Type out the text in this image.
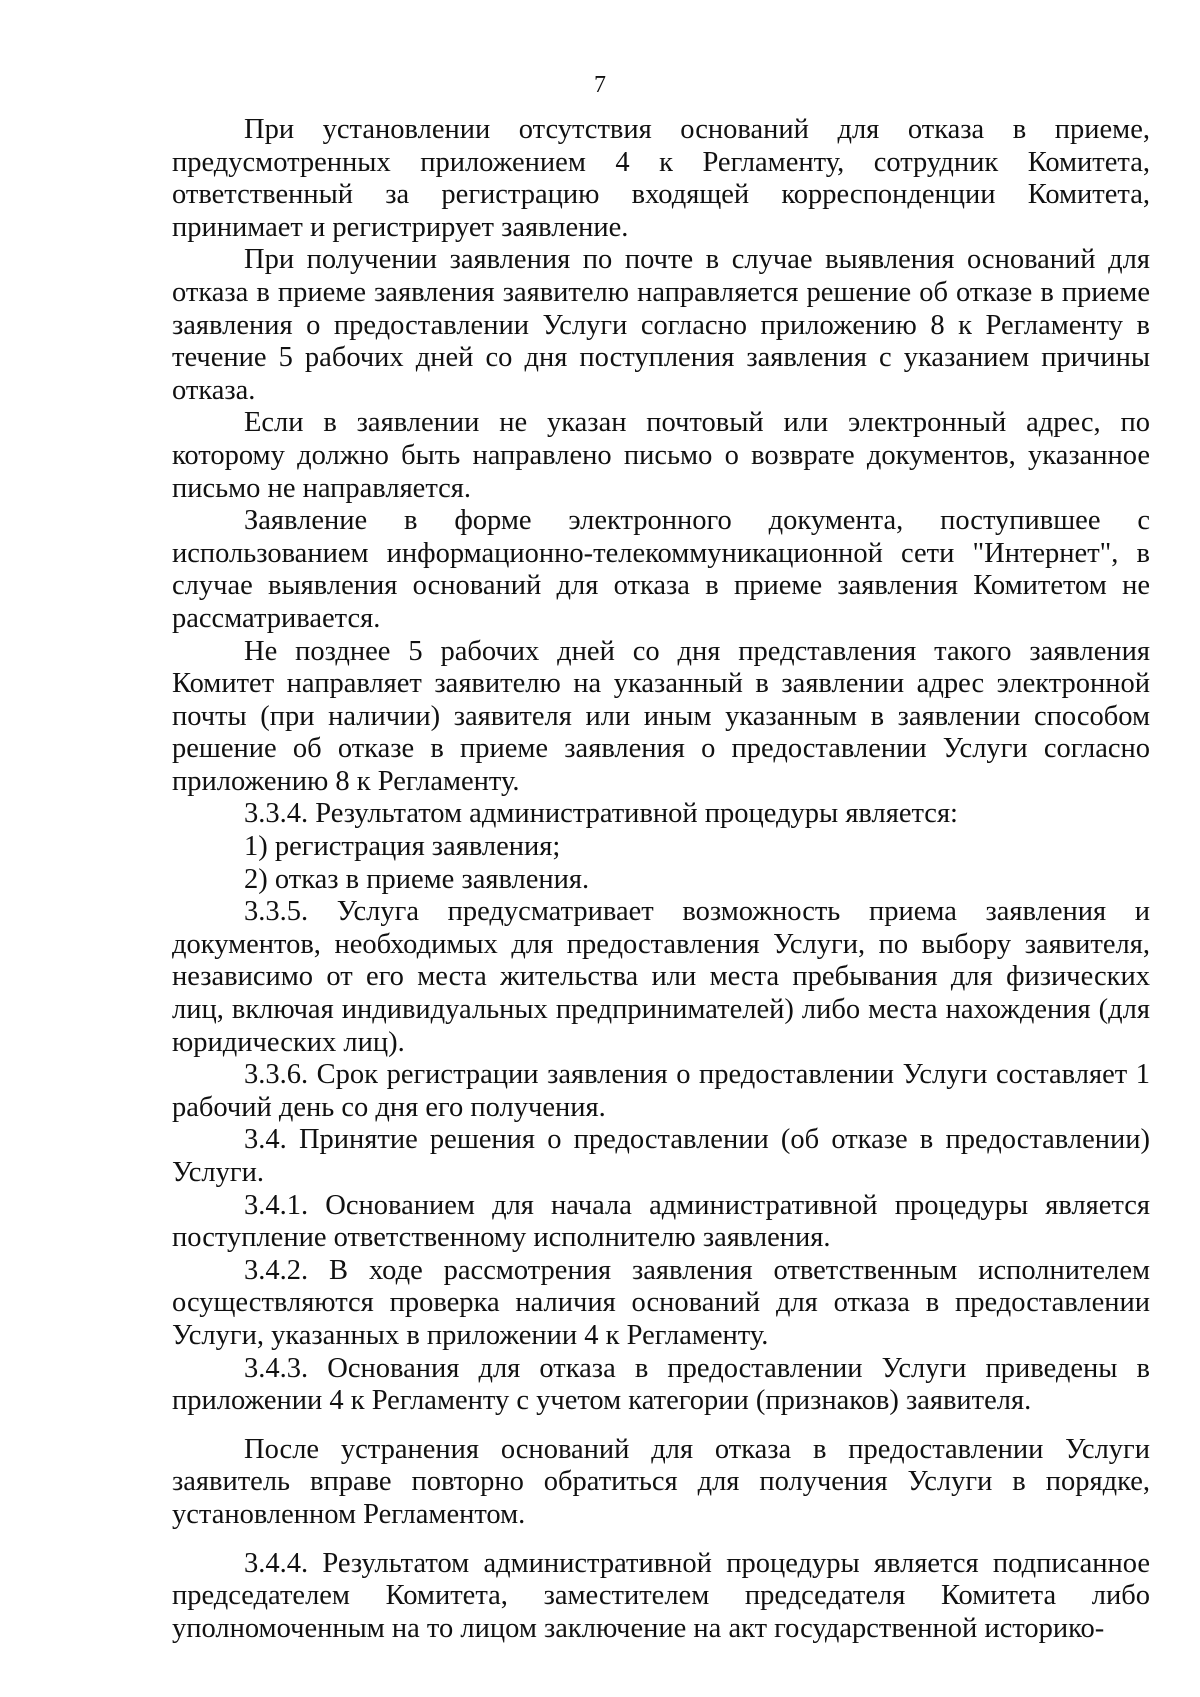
7

При установлении отсутствия оснований для отказа в приеме, предусмотренных приложением 4 к Регламенту, сотрудник Комитета, ответственный за регистрацию входящей корреспонденции Комитета, принимает и регистрирует заявление.

При получении заявления по почте в случае выявления оснований для отказа в приеме заявления заявителю направляется решение об отказе в приеме заявления о предоставлении Услуги согласно приложению 8 к Регламенту в течение 5 рабочих дней со дня поступления заявления с указанием причины отказа.

Если в заявлении не указан почтовый или электронный адрес, по которому должно быть направлено письмо о возврате документов, указанное письмо не направляется.

Заявление в форме электронного документа, поступившее с использованием информационно-телекоммуникационной сети "Интернет", в случае выявления оснований для отказа в приеме заявления Комитетом не рассматривается.

Не позднее 5 рабочих дней со дня представления такого заявления Комитет направляет заявителю на указанный в заявлении адрес электронной почты (при наличии) заявителя или иным указанным в заявлении способом решение об отказе в приеме заявления о предоставлении Услуги согласно приложению 8 к Регламенту.

3.3.4. Результатом административной процедуры является:

1) регистрация заявления;

2) отказ в приеме заявления.

3.3.5. Услуга предусматривает возможность приема заявления и документов, необходимых для предоставления Услуги, по выбору заявителя, независимо от его места жительства или места пребывания для физических лиц, включая индивидуальных предпринимателей) либо места нахождения (для юридических лиц).

3.3.6. Срок регистрации заявления о предоставлении Услуги составляет 1 рабочий день со дня его получения.

3.4. Принятие решения о предоставлении (об отказе в предоставлении) Услуги.

3.4.1. Основанием для начала административной процедуры является поступление ответственному исполнителю заявления.

3.4.2. В ходе рассмотрения заявления ответственным исполнителем осуществляются проверка наличия оснований для отказа в предоставлении Услуги, указанных в приложении 4 к Регламенту.

3.4.3. Основания для отказа в предоставлении Услуги приведены в приложении 4 к Регламенту с учетом категории (признаков) заявителя.

После устранения оснований для отказа в предоставлении Услуги заявитель вправе повторно обратиться для получения Услуги в порядке, установленном Регламентом.

3.4.4. Результатом административной процедуры является подписанное председателем Комитета, заместителем председателя Комитета либо уполномоченным на то лицом заключение на акт государственной историко-
